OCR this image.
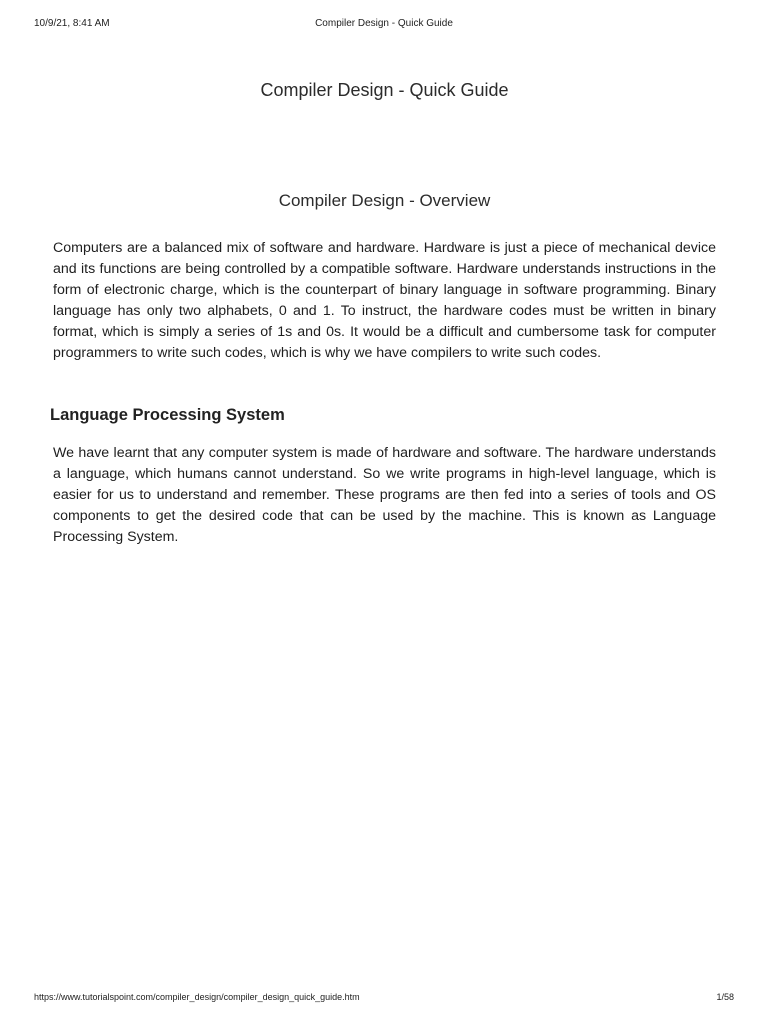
10/9/21, 8:41 AM	Compiler Design - Quick Guide
Compiler Design - Quick Guide
Compiler Design - Overview

Computers are a balanced mix of software and hardware. Hardware is just a piece of mechanical device and its functions are being controlled by a compatible software. Hardware understands instructions in the form of electronic charge, which is the counterpart of binary language in software programming. Binary language has only two alphabets, 0 and 1. To instruct, the hardware codes must be written in binary format, which is simply a series of 1s and 0s. It would be a difficult and cumbersome task for computer programmers to write such codes, which is why we have compilers to write such codes.

Language Processing System

We have learnt that any computer system is made of hardware and software. The hardware understands a language, which humans cannot understand. So we write programs in high-level language, which is easier for us to understand and remember. These programs are then fed into a series of tools and OS components to get the desired code that can be used by the machine. This is known as Language Processing System.

https://www.tutorialspoint.com/compiler_design/compiler_design_quick_guide.htm	1/58
